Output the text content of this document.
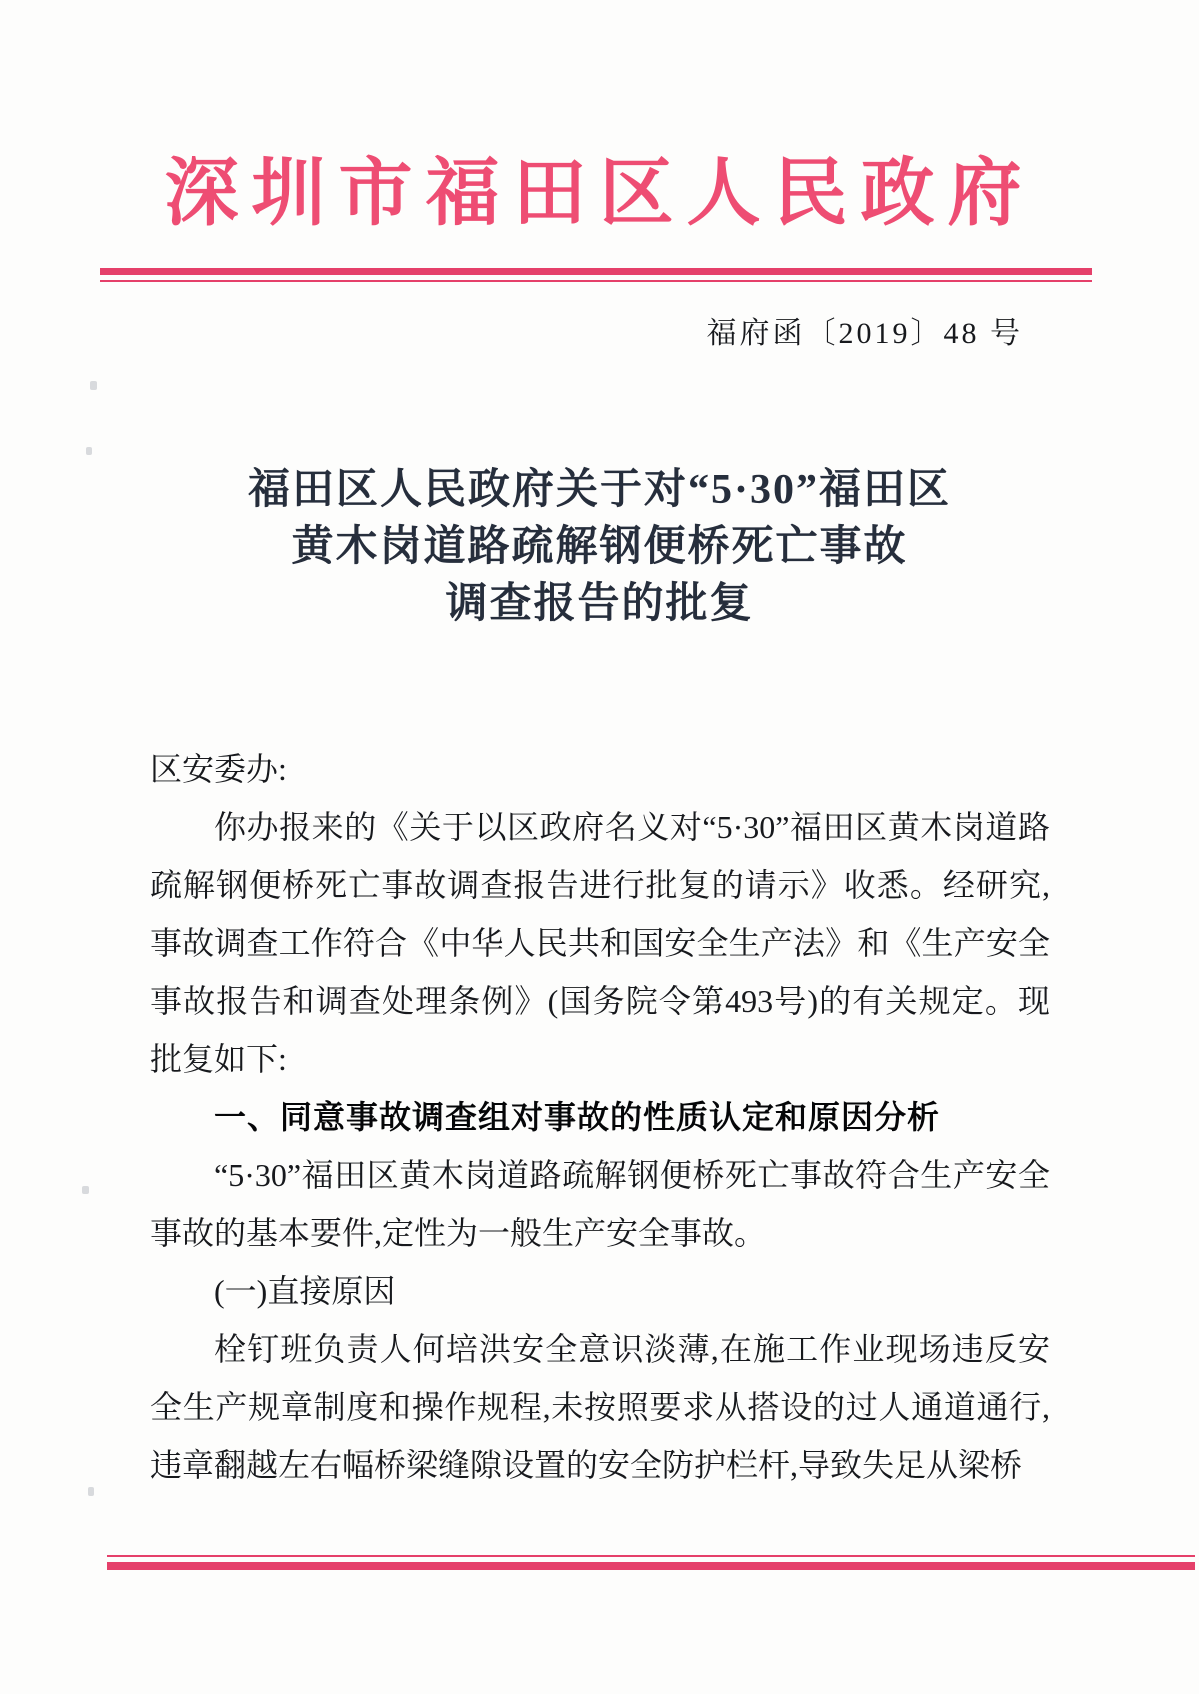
深圳市福田区人民政府
福府函〔2019〕48 号
福田区人民政府关于对“5·30”福田区
黄木岗道路疏解钢便桥死亡事故
调查报告的批复

区安委办:

你办报来的《关于以区政府名义对“5·30”福田区黄木岗道路疏解钢便桥死亡事故调查报告进行批复的请示》收悉。经研究,事故调查工作符合《中华人民共和国安全生产法》和《生产安全事故报告和调查处理条例》(国务院令第493号)的有关规定。现批复如下:

一、同意事故调查组对事故的性质认定和原因分析

“5·30”福田区黄木岗道路疏解钢便桥死亡事故符合生产安全事故的基本要件,定性为一般生产安全事故。

(一)直接原因

栓钉班负责人何培洪安全意识淡薄,在施工作业现场违反安全生产规章制度和操作规程,未按照要求从搭设的过人通道通行,违章翻越左右幅桥梁缝隙设置的安全防护栏杆,导致失足从梁桥
